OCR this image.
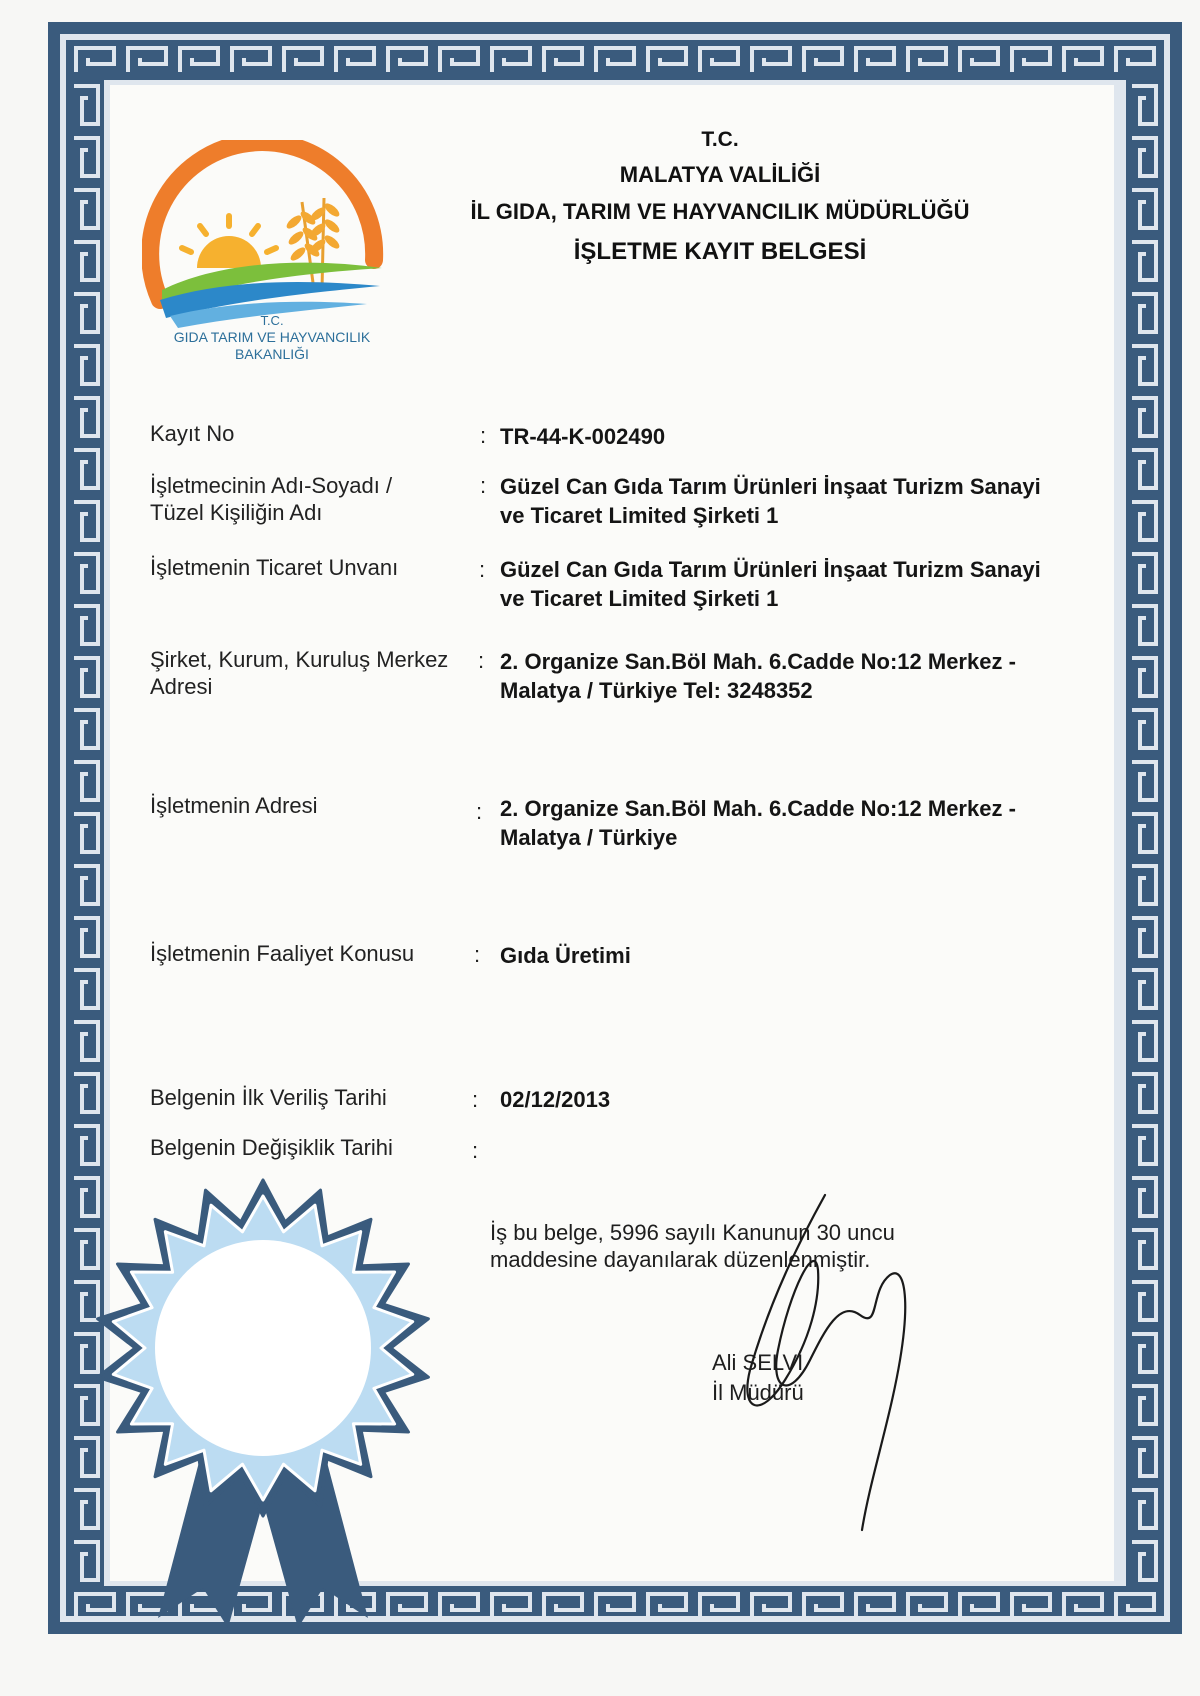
T.C.
GIDA TARIM VE HAYVANCILIK
BAKANLIĞI
T.C.
MALATYA VALİLİĞİ
İL GIDA, TARIM VE HAYVANCILIK MÜDÜRLÜĞÜ
İŞLETME KAYIT BELGESİ
Kayıt No	: TR-44-K-002490
İşletmecinin Adı-Soyadı / Tüzel Kişiliğin Adı
: Güzel Can Gıda Tarım Ürünleri İnşaat Turizm Sanayi ve Ticaret Limited Şirketi 1
İşletmenin Ticaret Unvanı	: Güzel Can Gıda Tarım Ürünleri İnşaat Turizm Sanayi ve Ticaret Limited Şirketi 1
Şirket, Kurum, Kuruluş Merkez Adresi
: 2. Organize San.Böl Mah. 6.Cadde No:12 Merkez - Malatya / Türkiye Tel: 3248352
İşletmenin Adresi	: 2. Organize San.Böl Mah. 6.Cadde No:12 Merkez - Malatya / Türkiye
İşletmenin Faaliyet Konusu	: Gıda Üretimi
Belgenin İlk Veriliş Tarihi	: 02/12/2013
Belgenin Değişiklik Tarihi	:
İş bu belge, 5996 sayılı Kanunun 30 uncu maddesine dayanılarak düzenlenmiştir.
Ali SELVİ
İl Müdürü
